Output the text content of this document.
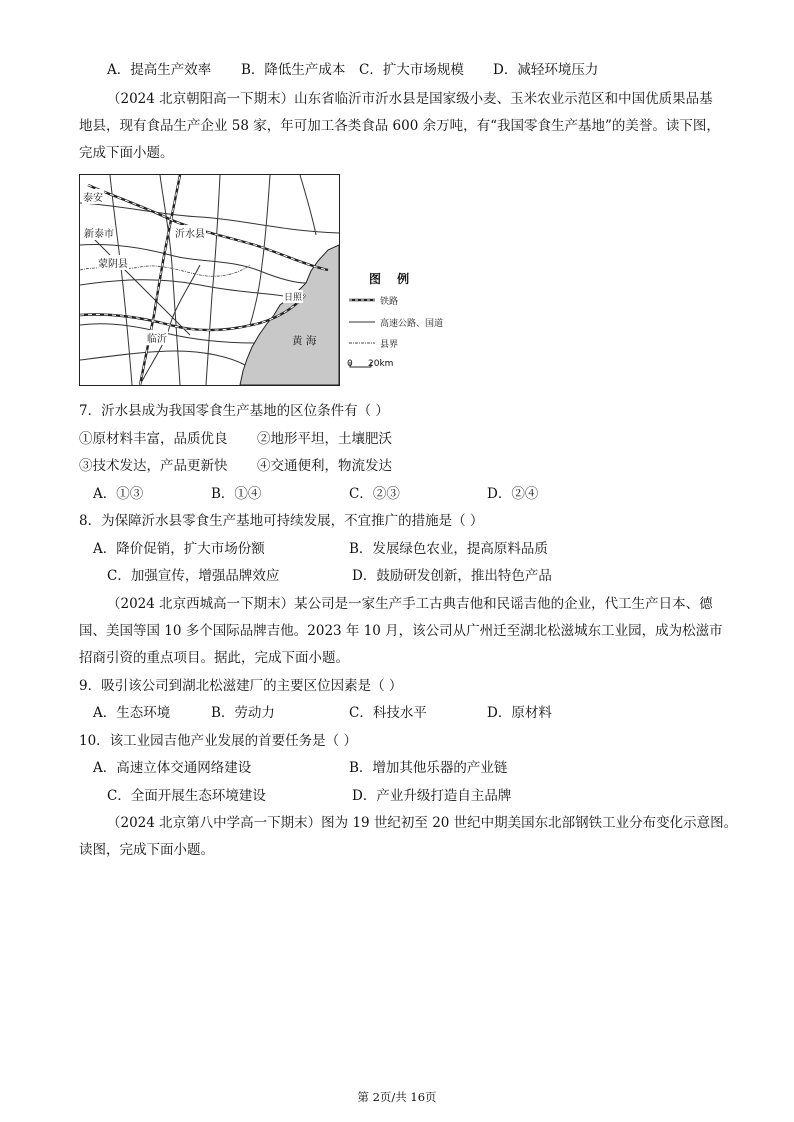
A．提高生产效率 B．降低生产成本 C．扩大市场规模 D．减轻环境压力
（2024 北京朝阳高一下期末）山东省临沂市沂水县是国家级小麦、玉米农业示范区和中国优质果品基
地县，现有食品生产企业 58 家，年可加工各类食品 600 余万吨，有“我国零食生产基地”的美誉。读下图，
完成下面小题。
泰安
新泰市	沂水县
蒙阴县
日照
临沂	黄 海
图 例
铁路
高速公路、国道
县界
0 20km
7．沂水县成为我国零食生产基地的区位条件有（ ）
①原材料丰富，品质优良 ②地形平坦，土壤肥沃
③技术发达，产品更新快 ④交通便利，物流发达
A．①③	B．①④	C．②③	D．②④
8．为保障沂水县零食生产基地可持续发展，不宜推广的措施是（ ）
A．降价促销，扩大市场份额	B．发展绿色农业，提高原料品质
C．加强宣传，增强品牌效应	D．鼓励研发创新，推出特色产品
（2024 北京西城高一下期末）某公司是一家生产手工古典吉他和民谣吉他的企业，代工生产日本、德
国、美国等国 10 多个国际品牌吉他。2023 年 10 月，该公司从广州迁至湖北松滋城东工业园，成为松滋市
招商引资的重点项目。据此，完成下面小题。
9．吸引该公司到湖北松滋建厂的主要区位因素是（ ）
A．生态环境	B．劳动力	C．科技水平	D．原材料
10．该工业园吉他产业发展的首要任务是（ ）
A．高速立体交通网络建设	B．增加其他乐器的产业链
C．全面开展生态环境建设	D．产业升级打造自主品牌
（2024 北京第八中学高一下期末）图为 19 世纪初至 20 世纪中期美国东北部钢铁工业分布变化示意图。
读图，完成下面小题。
第 2页/共 16页
